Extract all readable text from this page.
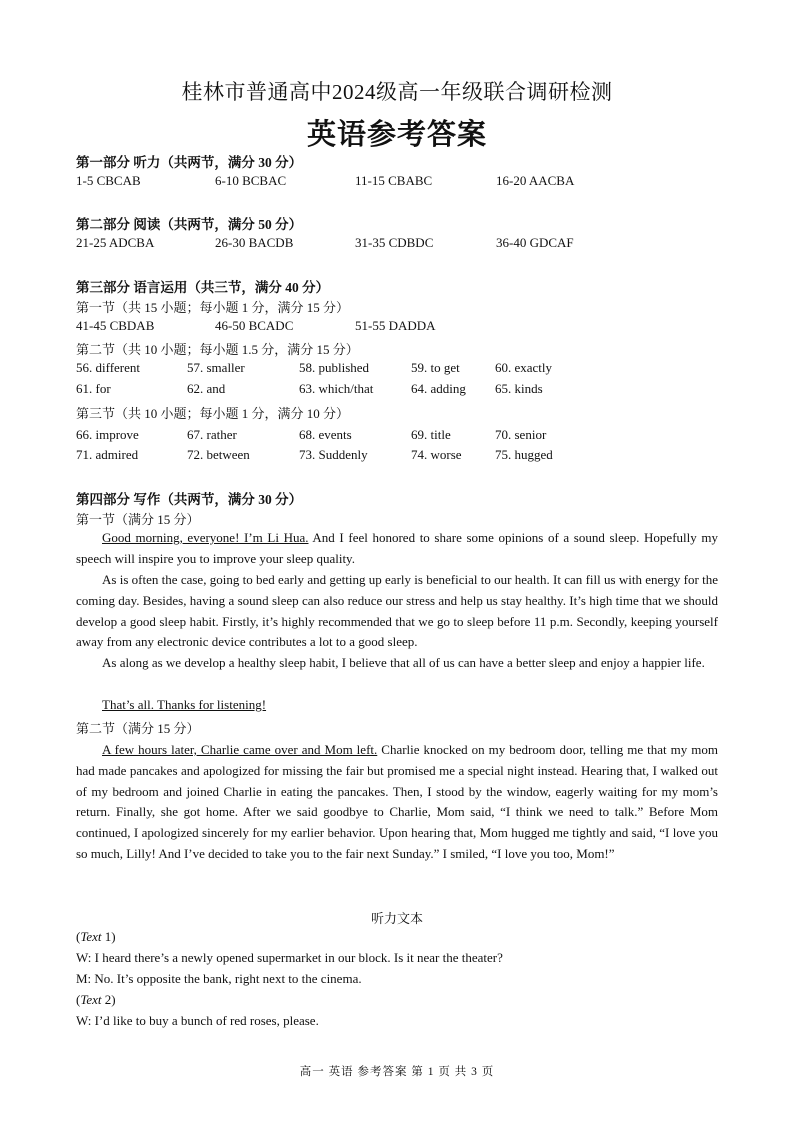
桂林市普通高中2024级高一年级联合调研检测
英语参考答案
第一部分 听力（共两节，满分 30 分）
1-5 CBCAB	6-10 BCBAC	11-15 CBABC	16-20 AACBA
第二部分 阅读（共两节，满分 50 分）
21-25 ADCBA	26-30 BACDB	31-35 CDBDC	36-40 GDCAF
第三部分 语言运用（共三节，满分 40 分）
第一节（共 15 小题；每小题 1 分，满分 15 分）
41-45 CBDAB	46-50 BCADC	51-55 DADDA
第二节（共 10 小题；每小题 1.5 分，满分 15 分）
56. different	57. smaller	58. published	59. to get	60. exactly
61. for	62. and	63. which/that	64. adding 65. kinds
第三节（共 10 小题；每小题 1 分，满分 10 分）
66. improve	67. rather	68. events	69. title	70. senior
71. admired	72. between	73. Suddenly	74. worse	75. hugged
第四部分 写作（共两节，满分 30 分）
第一节（满分 15 分）
Good morning, everyone! I’m Li Hua. And I feel honored to share some opinions of a sound sleep. Hopefully my speech will inspire you to improve your sleep quality.
As is often the case, going to bed early and getting up early is beneficial to our health. It can fill us with energy for the coming day. Besides, having a sound sleep can also reduce our stress and help us stay healthy. It’s high time that we should develop a good sleep habit. Firstly, it’s highly recommended that we go to sleep before 11 p.m. Secondly, keeping yourself away from any electronic device contributes a lot to a good sleep.
As along as we develop a healthy sleep habit, I believe that all of us can have a better sleep and enjoy a happier life.
That’s all. Thanks for listening!
第二节（满分 15 分）
A few hours later, Charlie came over and Mom left. Charlie knocked on my bedroom door, telling me that my mom had made pancakes and apologized for missing the fair but promised me a special night instead. Hearing that, I walked out of my bedroom and joined Charlie in eating the pancakes. Then, I stood by the window, eagerly waiting for my mom’s return. Finally, she got home. After we said goodbye to Charlie, Mom said, “I think we need to talk.” Before Mom continued, I apologized sincerely for my earlier behavior. Upon hearing that, Mom hugged me tightly and said, “I love you so much, Lilly! And I’ve decided to take you to the fair next Sunday.” I smiled, “I love you too, Mom!”
听力文本
(Text 1)
W: I heard there’s a newly opened supermarket in our block. Is it near the theater?
M: No. It’s opposite the bank, right next to the cinema.
(Text 2)
W: I’d like to buy a bunch of red roses, please.
高一 英语 参考答案 第 1 页 共 3 页
